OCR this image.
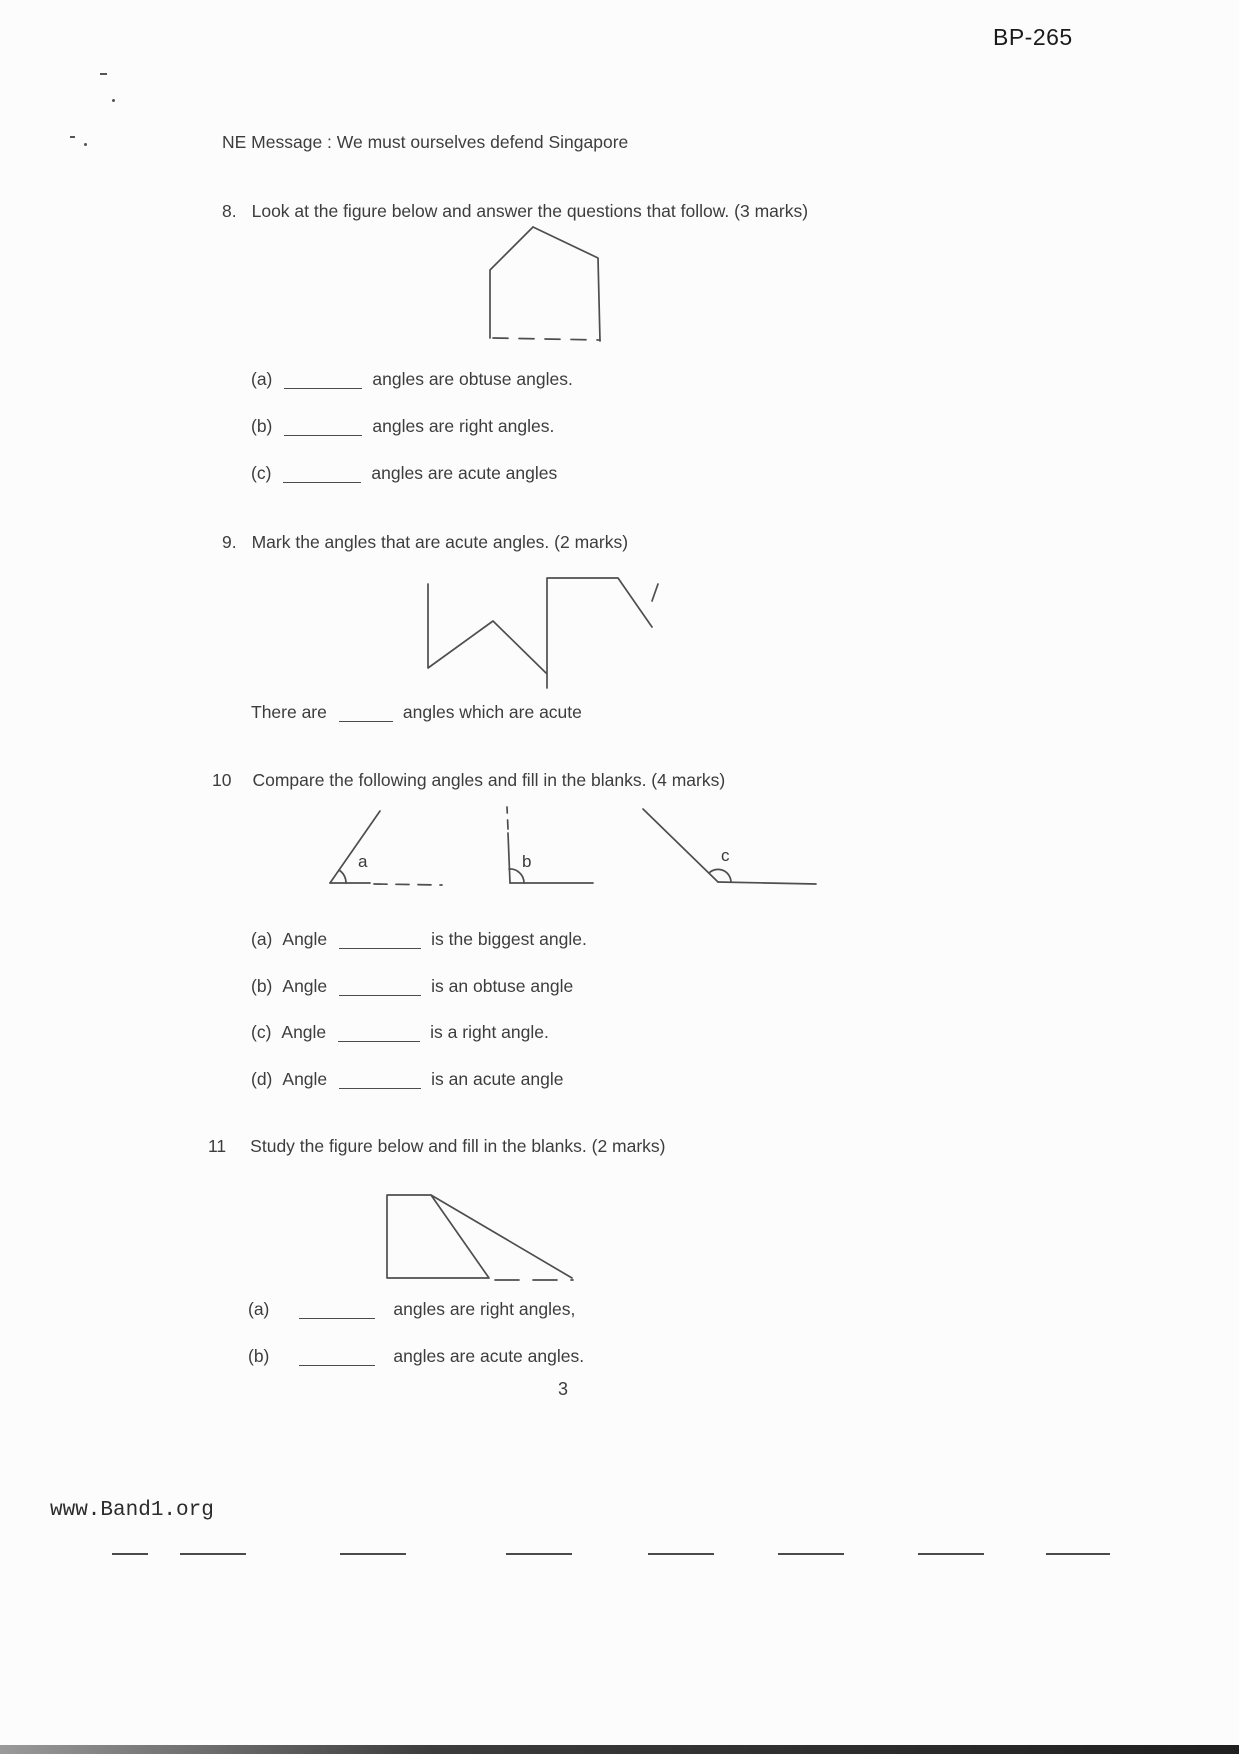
BP-265
NE Message : We must ourselves defend Singapore
8. Look at the figure below and answer the questions that follow. (3 marks)
(a)	angles are obtuse angles.
(b)	angles are right angles.
(c)	angles are acute angles
9. Mark the angles that are acute angles. (2 marks)
There are	angles which are acute
10 Compare the following angles and fill in the blanks. (4 marks)
a	b	c
(a) Angle	is the biggest angle.
(b) Angle	is an obtuse angle
(c) Angle	is a right angle.
(d) Angle	is an acute angle
11 Study the figure below and fill in the blanks. (2 marks)
(a)	angles are right angles,
(b)	angles are acute angles.
3
www.Band1.org
